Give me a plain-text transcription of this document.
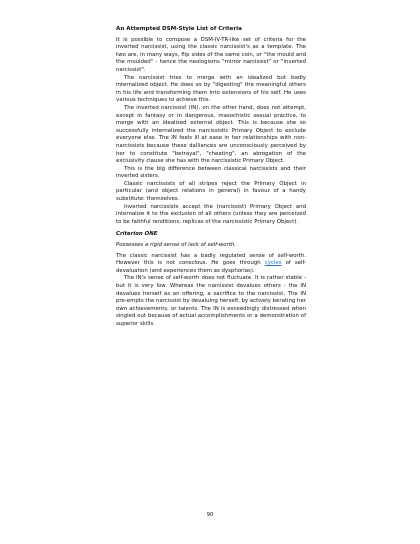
An Attempted DSM-Style List of Criteria

It is possible to compose a DSM-IV-TR-like set of criteria for the inverted narcissist, using the classic narcissist's as a template. The two are, in many ways, flip sides of the same coin, or "the mould and the moulded" - hence the neologisms "mirror narcissist" or "inverted narcissist".

The narcissist tries to merge with an idealized but badly internalized object. He does so by "digesting" the meaningful others in his life and transforming them into extensions of his self. He uses various techniques to achieve this.

The inverted narcissist (IN), on the other hand, does not attempt, except in fantasy or in dangerous, masochistic sexual practice, to merge with an idealized external object. This is because she so successfully internalized the narcissistic Primary Object to exclude everyone else. The IN feels ill at ease in her relationships with non-narcissists because these dalliances are unconsciously perceived by her to constitute "betrayal", "cheating", an abrogation of the exclusivity clause she has with the narcissistic Primary Object.

This is the big difference between classical narcissists and their inverted sisters.

Classic narcissists of all stripes reject the Primary Object in particular (and object relations in general) in favour of a handy substitute: themselves.

Inverted narcissists accept the (narcissist) Primary Object and internalize it to the exclusion of all others (unless they are perceived to be faithful renditions, replicas of the narcissistic Primary Object).

Criterion ONE

Possesses a rigid sense of lack of self-worth.

The classic narcissist has a badly regulated sense of self-worth. However this is not conscious. He goes through cycles of self-devaluation (and experiences them as dysphorias).

The IN's sense of self-worth does not fluctuate. It is rather stable - but it is very low. Whereas the narcissist devalues others - the IN devalues herself as an offering, a sacrifice to the narcissist. The IN pre-empts the narcissist by devaluing herself, by actively berating her own achievements, or talents. The IN is exceedingly distressed when singled out because of actual accomplishments or a demonstration of superior skills.

90
